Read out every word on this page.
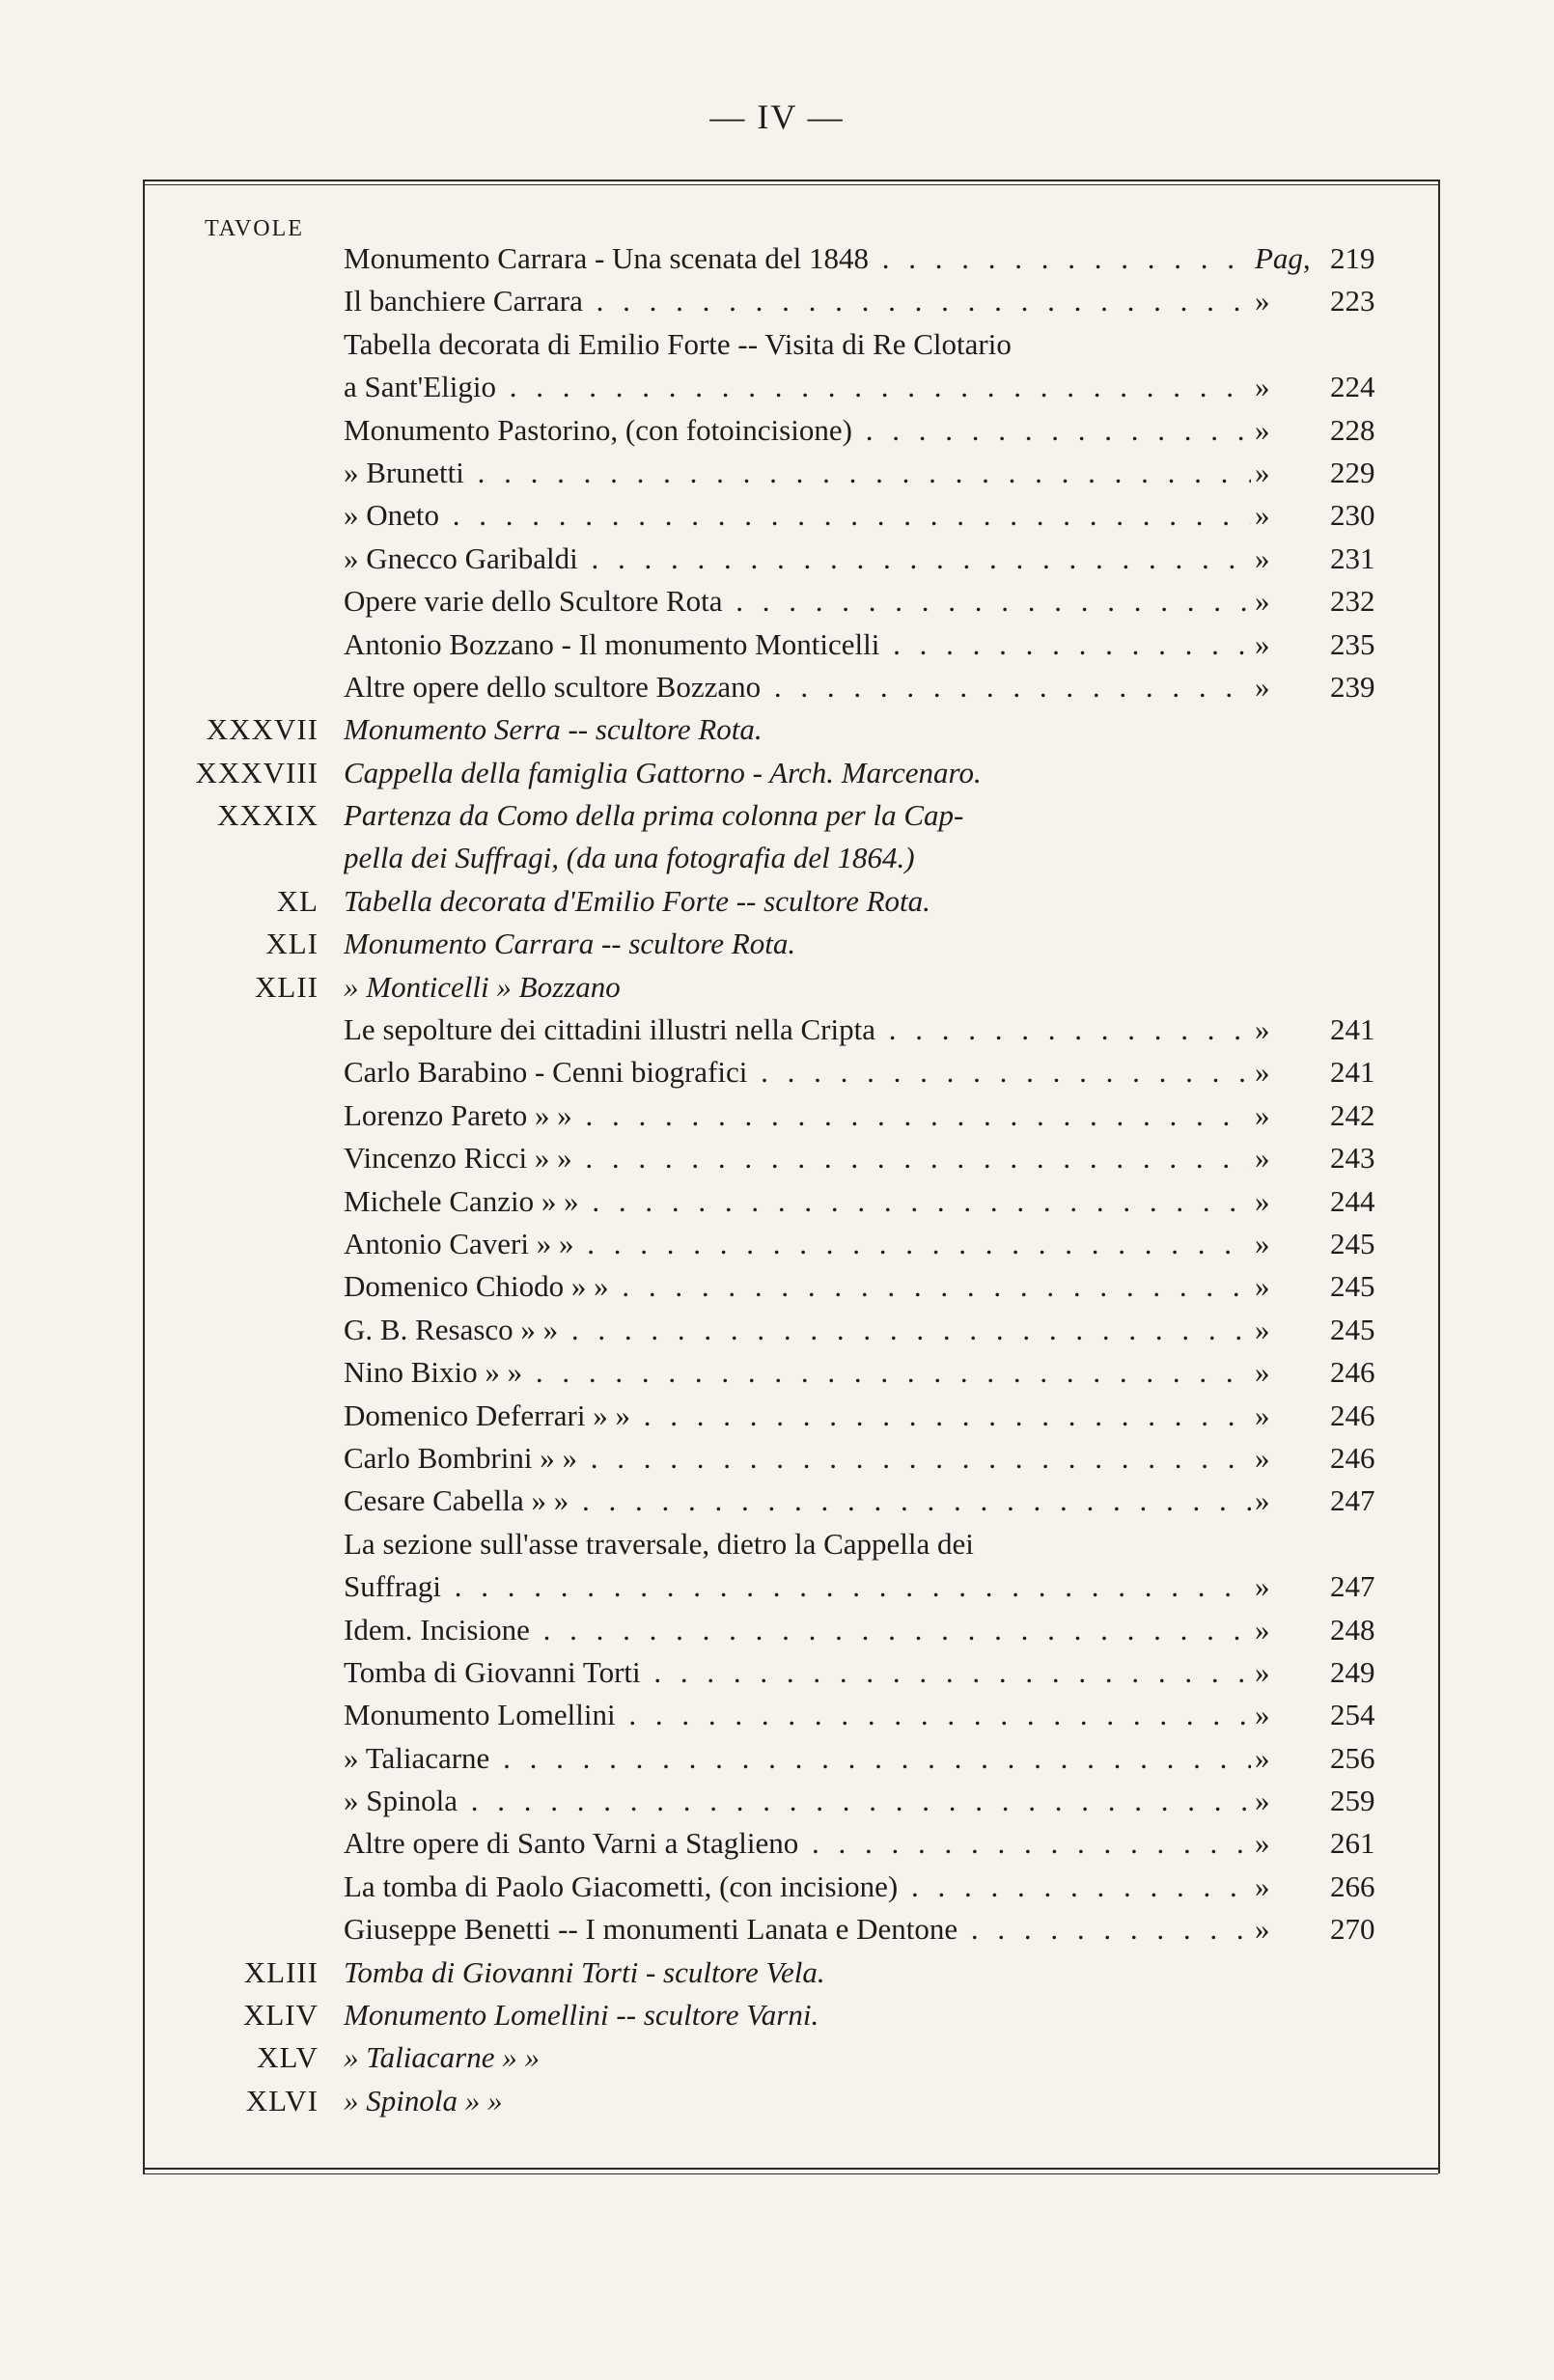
— IV —
TAVOLE
Monumento Carrara - Una scenata del 1848 . . .	Pag, 219
Il banchiere Carrara . . .	» 223
Tabella decorata di Emilio Forte -- Visita di Re Clotario
a Sant'Eligio . . .	» 224
Monumento Pastorino, (con fotoincisione) . . .	» 228
» Brunetti . . .	» 229
» Oneto . . .	» 230
» Gnecco Garibaldi . . .	» 231
Opere varie dello Scultore Rota . . .	» 232
Antonio Bozzano - Il monumento Monticelli . . .	» 235
Altre opere dello scultore Bozzano . . .	» 239
XXXVII Monumento Serra -- scultore Rota.
XXXVIII Cappella della famiglia Gattorno - Arch. Marcenaro.
XXXIX Partenza da Como della prima colonna per la Cap-
pella dei Suffragi, (da una fotografia del 1864.)
XL Tabella decorata d'Emilio Forte -- scultore Rota.
XLI Monumento Carrara -- scultore Rota.
XLII » Monticelli » Bozzano
Le sepolture dei cittadini illustri nella Cripta . . .	» 241
Carlo Barabino - Cenni biografici . . .	» 241
Lorenzo Pareto » » . . .	» 242
Vincenzo Ricci » » . . .	» 243
Michele Canzio » » . . .	» 244
Antonio Caveri » » . . .	» 245
Domenico Chiodo » » . . .	» 245
G. B. Resasco » » . . .	» 245
Nino Bixio » » . . .	» 246
Domenico Deferrari » » . . .	» 246
Carlo Bombrini » » . . .	» 246
Cesare Cabella » » . . .	» 247
La sezione sull'asse traversale, dietro la Cappella dei
Suffragi . . .	» 247
Idem. Incisione . . .	» 248
Tomba di Giovanni Torti . . .	» 249
Monumento Lomellini . . .	» 254
» Taliacarne . . .	» 256
» Spinola . . .	» 259
Altre opere di Santo Varni a Staglieno . . .	» 261
La tomba di Paolo Giacometti, (con incisione) . . .	» 266
Giuseppe Benetti -- I monumenti Lanata e Dentone . . .	» 270
XLIII Tomba di Giovanni Torti - scultore Vela.
XLIV Monumento Lomellini -- scultore Varni.
XLV » Taliacarne » »
XLVI » Spinola » »
